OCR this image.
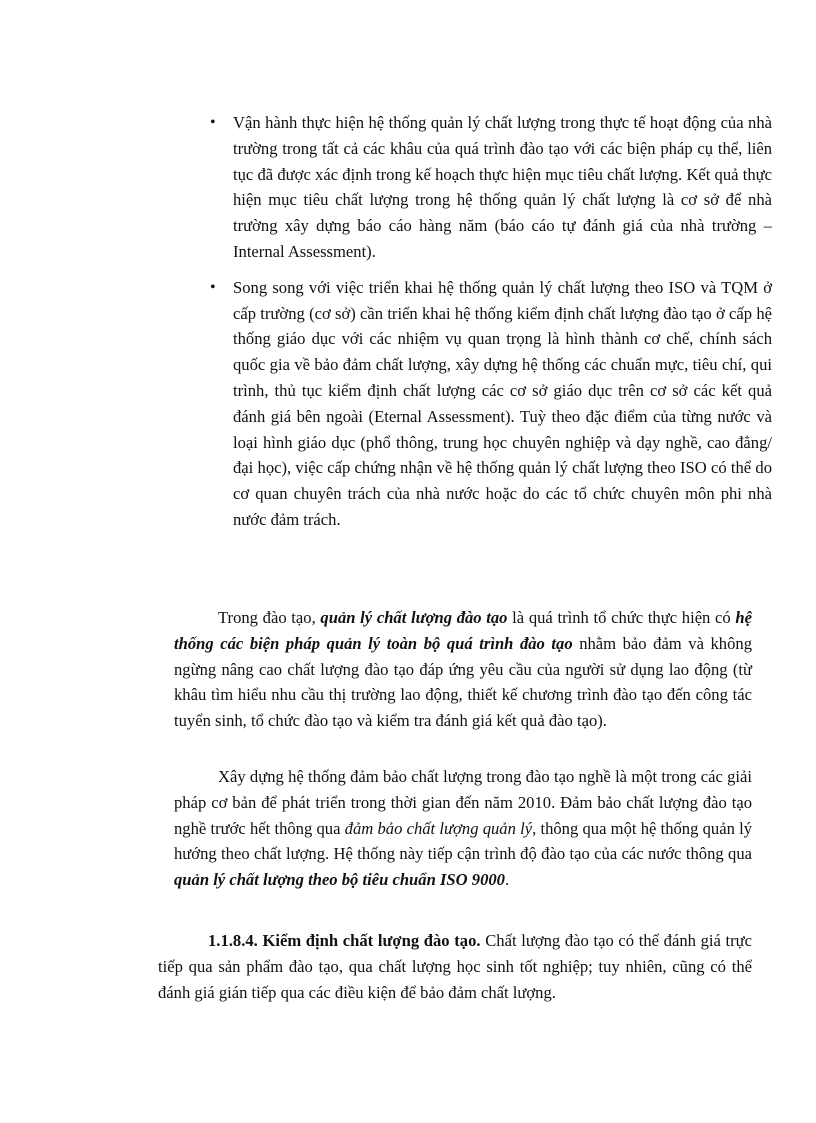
• Vận hành thực hiện hệ thống quản lý chất lượng trong thực tế hoạt động của nhà trường trong tất cả các khâu của quá trình đào tạo với các biện pháp cụ thể, liên tục đã được xác định trong kế hoạch thực hiện mục tiêu chất lượng. Kết quả thực hiện mục tiêu chất lượng trong hệ thống quản lý chất lượng là cơ sở để nhà trường xây dựng báo cáo hàng năm (báo cáo tự đánh giá của nhà trường – Internal Assessment).
• Song song với việc triển khai hệ thống quản lý chất lượng theo ISO và TQM ở cấp trường (cơ sở) cần triển khai hệ thống kiểm định chất lượng đào tạo ở cấp hệ thống giáo dục với các nhiệm vụ quan trọng là hình thành cơ chế, chính sách quốc gia về bảo đảm chất lượng, xây dựng hệ thống các chuẩn mực, tiêu chí, qui trình, thủ tục kiểm định chất lượng các cơ sở giáo dục trên cơ sở các kết quả đánh giá bên ngoài (Eternal Assessment). Tuỳ theo đặc điểm của từng nước và loại hình giáo dục (phổ thông, trung học chuyên nghiệp và dạy nghề, cao đẳng/ đại học), việc cấp chứng nhận về hệ thống quản lý chất lượng theo ISO có thể do cơ quan chuyên trách của nhà nước hoặc do các tổ chức chuyên môn phi nhà nước đảm trách.

Trong đào tạo, quản lý chất lượng đào tạo là quá trình tổ chức thực hiện có hệ thống các biện pháp quản lý toàn bộ quá trình đào tạo nhằm bảo đảm và không ngừng nâng cao chất lượng đào tạo đáp ứng yêu cầu của người sử dụng lao động (từ khâu tìm hiểu nhu cầu thị trường lao động, thiết kế chương trình đào tạo đến công tác tuyển sinh, tổ chức đào tạo và kiểm tra đánh giá kết quả đào tạo).

Xây dựng hệ thống đảm bảo chất lượng trong đào tạo nghề là một trong các giải pháp cơ bản để phát triển trong thời gian đến năm 2010. Đảm bảo chất lượng đào tạo nghề trước hết thông qua đảm bảo chất lượng quản lý, thông qua một hệ thống quản lý hướng theo chất lượng. Hệ thống này tiếp cận trình độ đào tạo của các nước thông qua quản lý chất lượng theo bộ tiêu chuẩn ISO 9000.

1.1.8.4. Kiểm định chất lượng đào tạo. Chất lượng đào tạo có thể đánh giá trực tiếp qua sản phẩm đào tạo, qua chất lượng học sinh tốt nghiệp; tuy nhiên, cũng có thể đánh giá gián tiếp qua các điều kiện để bảo đảm chất lượng.
